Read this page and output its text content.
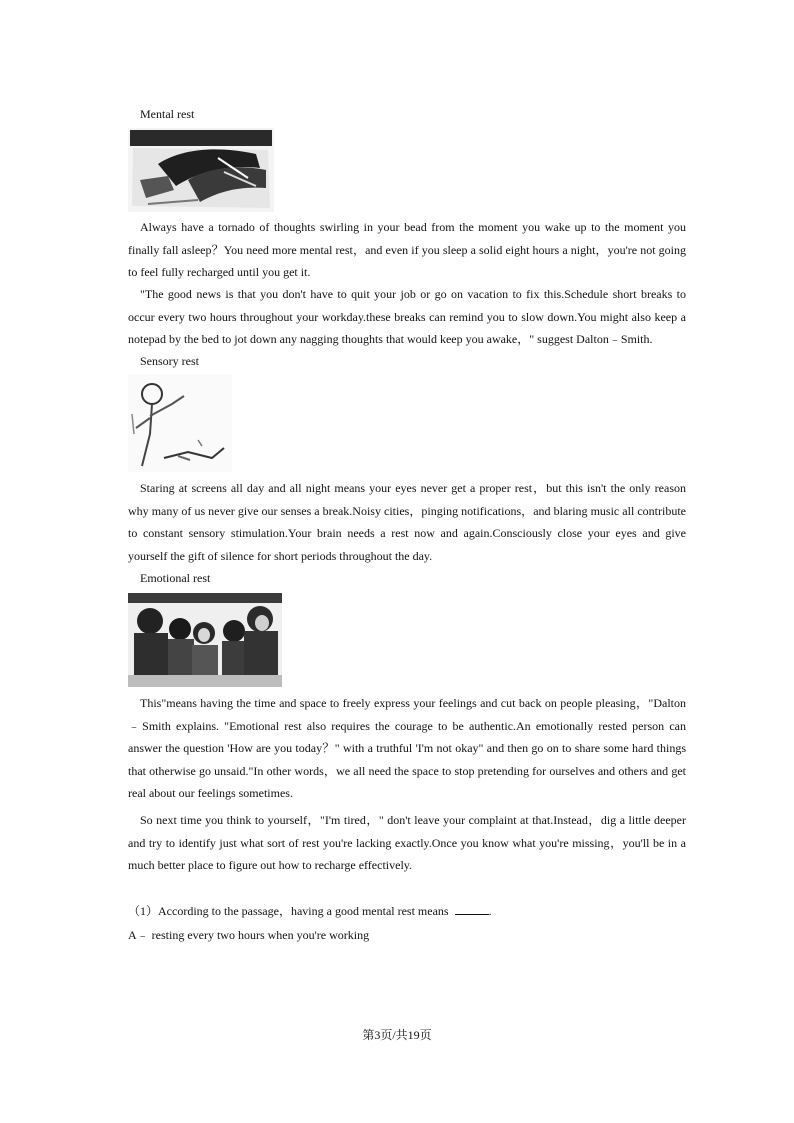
Mental rest

Always have a tornado of thoughts swirling in your bead from the moment you wake up to the moment you finally fall asleep？You need more mental rest，and even if you sleep a solid eight hours a night，you're not going to feel fully recharged until you get it.

"The good news is that you don't have to quit your job or go on vacation to fix this.Schedule short breaks to occur every two hours throughout your workday.these breaks can remind you to slow down.You might also keep a notepad by the bed to jot down any nagging thoughts that would keep you awake，" suggest Dalton﹣Smith.

Sensory rest

Staring at screens all day and all night means your eyes never get a proper rest，but this isn't the only reason why many of us never give our senses a break.Noisy cities，pinging notifications，and blaring music all contribute to constant sensory stimulation.Your brain needs a rest now and again.Consciously close your eyes and give yourself the gift of silence for short periods throughout the day.

Emotional rest

This"means having the time and space to freely express your feelings and cut back on people pleasing，"Dalton﹣Smith explains. "Emotional rest also requires the courage to be authentic.An emotionally rested person can answer the question 'How are you today？" with a truthful 'I'm not okay" and then go on to share some hard things that otherwise go unsaid."In other words，we all need the space to stop pretending for ourselves and others and get real about our feelings sometimes.

So next time you think to yourself，"I'm tired，" don't leave your complaint at that.Instead，dig a little deeper and try to identify just what sort of rest you're lacking exactly.Once you know what you're missing，you'll be in a much better place to figure out how to recharge effectively.

（1）According to the passage，having a good mental rest means	.
A﹣ resting every two hours when you're working
第3页/共19页
